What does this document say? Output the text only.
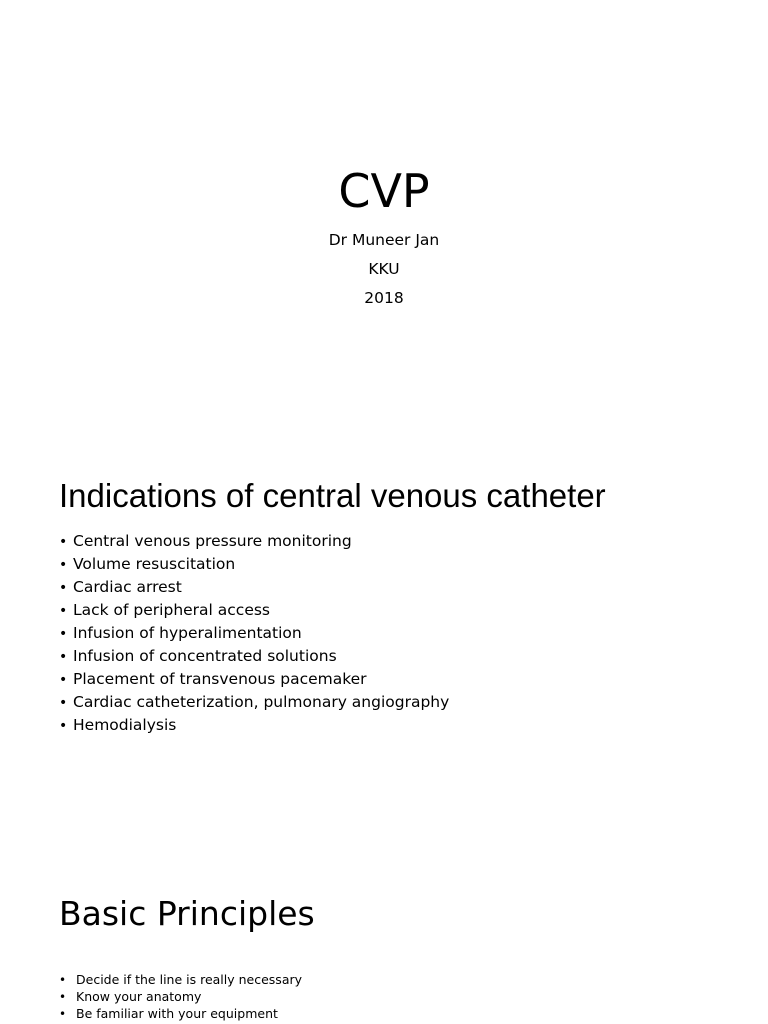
CVP
Dr Muneer Jan
KKU
2018
Indications of central venous catheter
• Central venous pressure monitoring
• Volume resuscitation
• Cardiac arrest
• Lack of peripheral access
• Infusion of hyperalimentation
• Infusion of concentrated solutions
• Placement of transvenous pacemaker
• Cardiac catheterization, pulmonary angiography
• Hemodialysis
Basic Principles
• Decide if the line is really necessary
• Know your anatomy
• Be familiar with your equipment
